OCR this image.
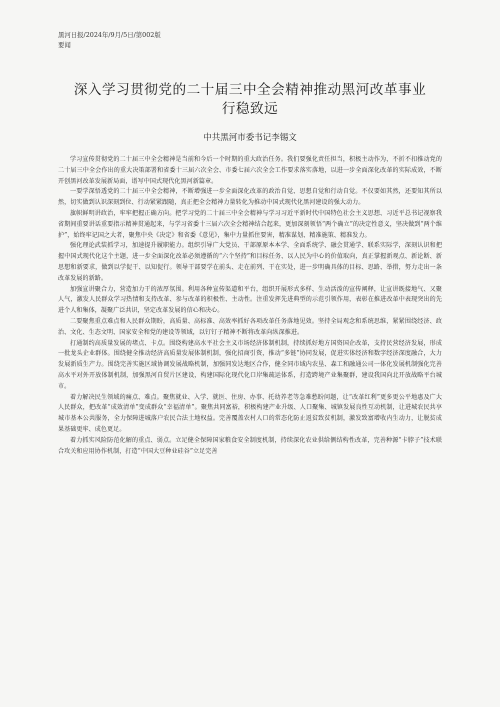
黑河日报/2024年/9月/5日/第002版
要闻
深入学习贯彻党的二十届三中全会精神推动黑河改革事业
行稳致远
中共黑河市委书记李锡文

学习宣传贯彻党的二十届三中全会精神是当前和今后一个时期的重大政治任务。我们要强化责任担当，积极主动作为，不折不扣推动党的二十届三中全会作出的重大决策部署和省委十三届六次全会、市委七届六次全会工作要求落实落地，以进一步全面深化改革的实际成效，不断开创黑河改革发展新局面，谱写中国式现代化黑河新篇章。

一要学深悟透党的二十届三中全会精神，不断增强进一步全面深化改革的政治自觉、思想自觉和行动自觉。不仅要如其然，还要知其所以然，切实做到认识深刻到位、行动紧紧跟随，真正把全会精神力量转化为推动中国式现代化黑河建设的强大动力。

旗帜鲜明讲政治，牢牢把握正确方向。把学习党的二十届三中全会精神与学习习近平新时代中国特色社会主义思想、习近平总书记视察我省期间重要讲话重要指示精神贯通起来，与学习省委十三届六次全会精神结合起来，更加深刻领悟“两个确立”的决定性意义，坚决做到“两个维护”，始终牢记国之大者，聚焦中央《决定》和省委《意见》，集中力量抓住要害，精准谋划、精准施策、精准发力。

强化理论武装抓学习，加速提升履职能力。组织引导广大党员、干部原原本本学、全面系统学、融会贯通学、联系实际学，深刻认识和把握中国式现代化这个主题，进一步全面深化改革必须遵循的“六个坚持”和目标任务、以人民为中心的价值取向，真正掌握新观点、新论断、新思想和新要求，做到以学促干、以知促行。领导干部要学在前头、走在前列、干在实处，进一步明确具体的目标、思路、举措，努力走出一条改革发展的新路。

加强宣讲聚合力，营造加力干的浓厚氛围。利用各种宣传渠道和平台，组织开展形式多样、生动活泼的宣传阐释，让宣讲既接地气、又聚人气，激发人民群众学习热情和支持改革、参与改革的积极性、主动性。注重发挥先进典型的示范引领作用，表彰在推进改革中表现突出的先进个人和集体，凝聚广泛共识，坚定改革发展的信心和决心。

二要聚焦重点难点和人民群众期盼，高质量、高标准、高效率抓好各项改革任务落地见效。坚持全局观念和系统思维，紧紧围绕经济、政治、文化、生态文明、国家安全和党的建设等领域，以钉钉子精神不断将改革向纵深推进。

打通制约高质量发展的堵点、卡点。围绕构建高水平社会主义市场经济体制机制，持续抓好地方国资国企改革，支持民营经济发展，形成一批龙头企业群体。围绕健全推动经济高质量发展体制机制，强化招商引资，推动“多链”协同发展，促进实体经济和数字经济深度融合，大力发展新质生产力。围绕完善实施区域协调发展战略机制，加强同发达地区合作，健全同市域内农垦、森工和融通公司一体化发展机制强化完善高水平对外开放体制机制，加强黑河自贸片区建设，构建国际化现代化口岸集疏运体系，打造跨境产业集聚群，建设我国向北开放战略平台城市。

着力解决民生领域的痛点、难点。聚焦就业、入学、就医、住房、办事、托幼养老等急难愁盼问题，让“改革红利”更多更公平地惠及广大人民群众，把改革“成效清单”变成群众“幸福清单”。聚焦共同富裕，积极构建产业升级、人口聚集、城镇发展良性互动机制，让进城农民共享城市基本公共服务，全力保障进城落户农民合法土地权益。完善覆盖农村人口的常态化防止返贫致贫机制，激发致富增收内生动力，让脱贫成果基础更牢、成色更足。

着力抓实风险防范化解的重点、弱点。立足健全保障国家粮食安全制度机制，持续深化农业供给侧结构性改革，完善种源“卡脖子”技术联合攻关和应用协作机制，打造“中国大豆种业硅谷”立足完善
